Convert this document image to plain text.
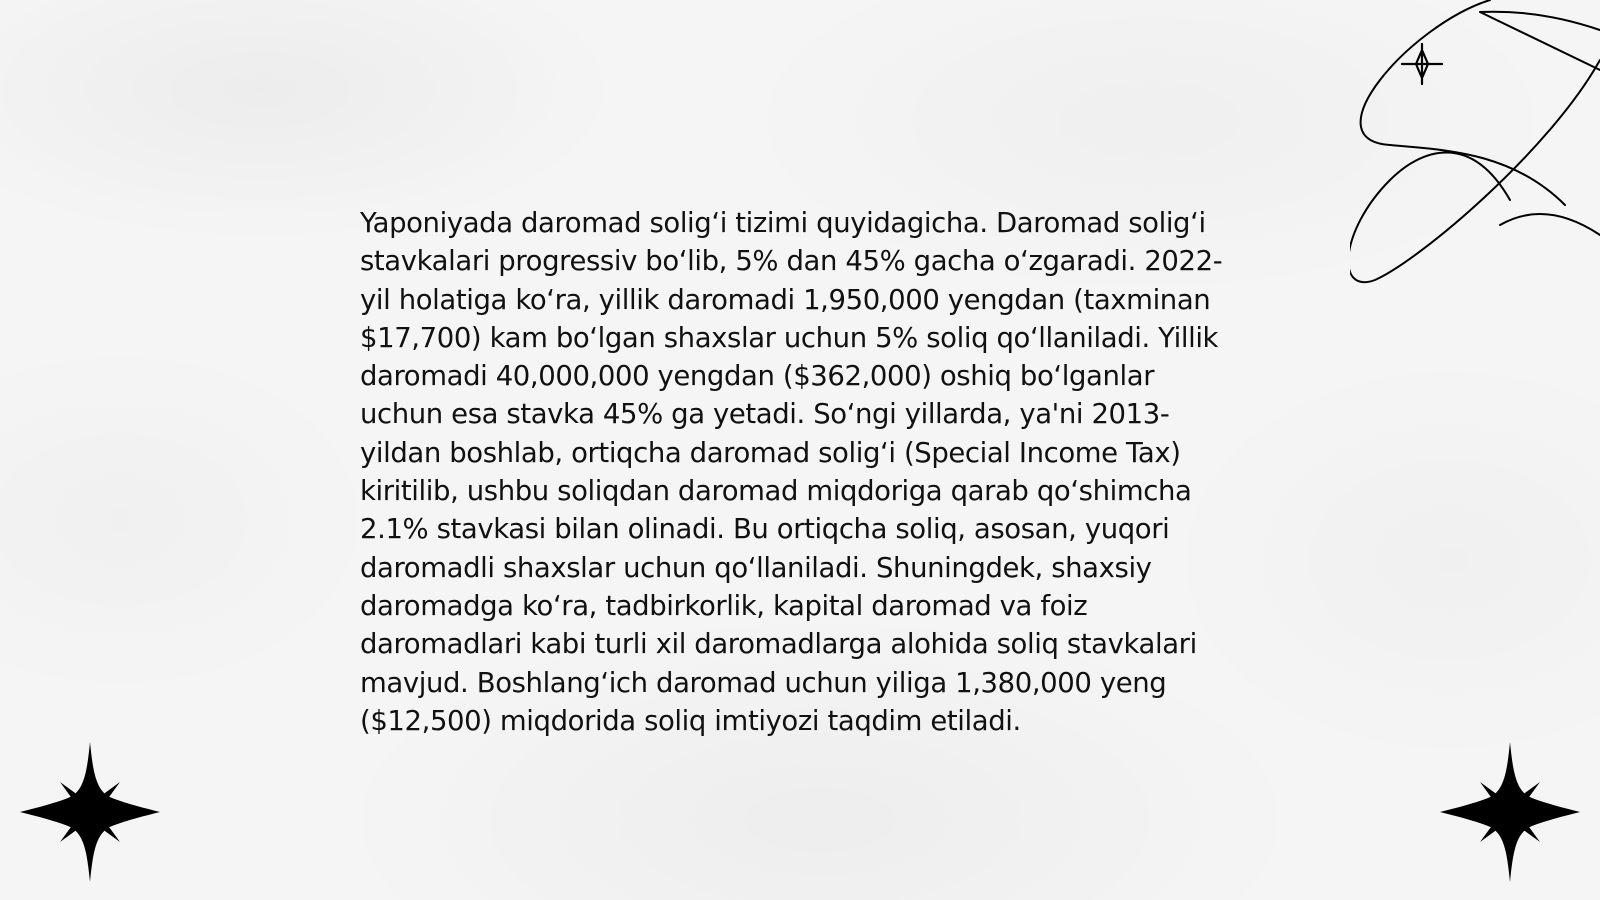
Yaponiyada daromad solig‘i tizimi quyidagicha. Daromad solig‘i stavkalari progressiv bo‘lib, 5% dan 45% gacha o‘zgaradi. 2022-yil holatiga ko‘ra, yillik daromadi 1,950,000 yengdan (taxminan $17,700) kam bo‘lgan shaxslar uchun 5% soliq qo‘llaniladi. Yillik daromadi 40,000,000 yengdan ($362,000) oshiq bo‘lganlar uchun esa stavka 45% ga yetadi. So‘ngi yillarda, ya'ni 2013-yildan boshlab, ortiqcha daromad solig‘i (Special Income Tax) kiritilib, ushbu soliqdan daromad miqdoriga qarab qo‘shimcha 2.1% stavkasi bilan olinadi. Bu ortiqcha soliq, asosan, yuqori daromadli shaxslar uchun qo‘llaniladi. Shuningdek, shaxsiy daromadga ko‘ra, tadbirkorlik, kapital daromad va foiz daromadlari kabi turli xil daromadlarga alohida soliq stavkalari mavjud. Boshlang‘ich daromad uchun yiliga 1,380,000 yeng ($12,500) miqdorida soliq imtiyozi taqdim etiladi.
